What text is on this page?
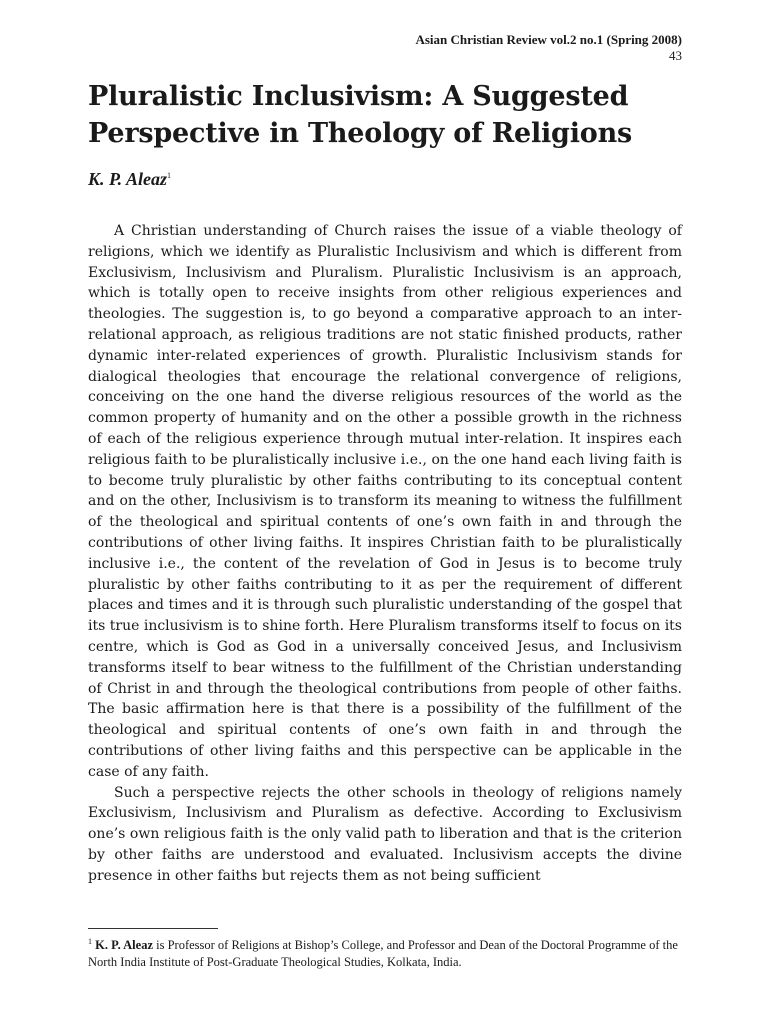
Asian Christian Review vol.2 no.1 (Spring 2008)
43
Pluralistic Inclusivism: A Suggested Perspective in Theology of Religions
K. P. Aleaz$^1$

A Christian understanding of Church raises the issue of a viable theology of religions, which we identify as Pluralistic Inclusivism and which is different from Exclusivism, Inclusivism and Pluralism. Pluralistic Inclusivism is an approach, which is totally open to receive insights from other religious experiences and theologies. The suggestion is, to go beyond a comparative approach to an inter-relational approach, as religious traditions are not static finished products, rather dynamic inter-related experiences of growth. Pluralistic Inclusivism stands for dialogical theologies that encourage the relational convergence of religions, conceiving on the one hand the diverse religious resources of the world as the common property of humanity and on the other a possible growth in the richness of each of the religious experience through mutual inter-relation. It inspires each religious faith to be pluralistically inclusive i.e., on the one hand each living faith is to become truly pluralistic by other faiths contributing to its conceptual content and on the other, Inclusivism is to transform its meaning to witness the fulfillment of the theological and spiritual contents of one’s own faith in and through the contributions of other living faiths. It inspires Christian faith to be pluralistically inclusive i.e., the content of the revelation of God in Jesus is to become truly pluralistic by other faiths contributing to it as per the requirement of different places and times and it is through such pluralistic understanding of the gospel that its true inclusivism is to shine forth. Here Pluralism transforms itself to focus on its centre, which is God as God in a universally conceived Jesus, and Inclusivism transforms itself to bear witness to the fulfillment of the Christian understanding of Christ in and through the theological contributions from people of other faiths. The basic affirmation here is that there is a possibility of the fulfillment of the theological and spiritual contents of one’s own faith in and through the contributions of other living faiths and this perspective can be applicable in the case of any faith.

Such a perspective rejects the other schools in theology of religions namely Exclusivism, Inclusivism and Pluralism as defective. According to Exclusivism one’s own religious faith is the only valid path to liberation and that is the criterion by other faiths are understood and evaluated. Inclusivism accepts the divine presence in other faiths but rejects them as not being sufficient

$^1$ K. P. Aleaz is Professor of Religions at Bishop’s College, and Professor and Dean of the Doctoral Programme of the North India Institute of Post-Graduate Theological Studies, Kolkata, India.
